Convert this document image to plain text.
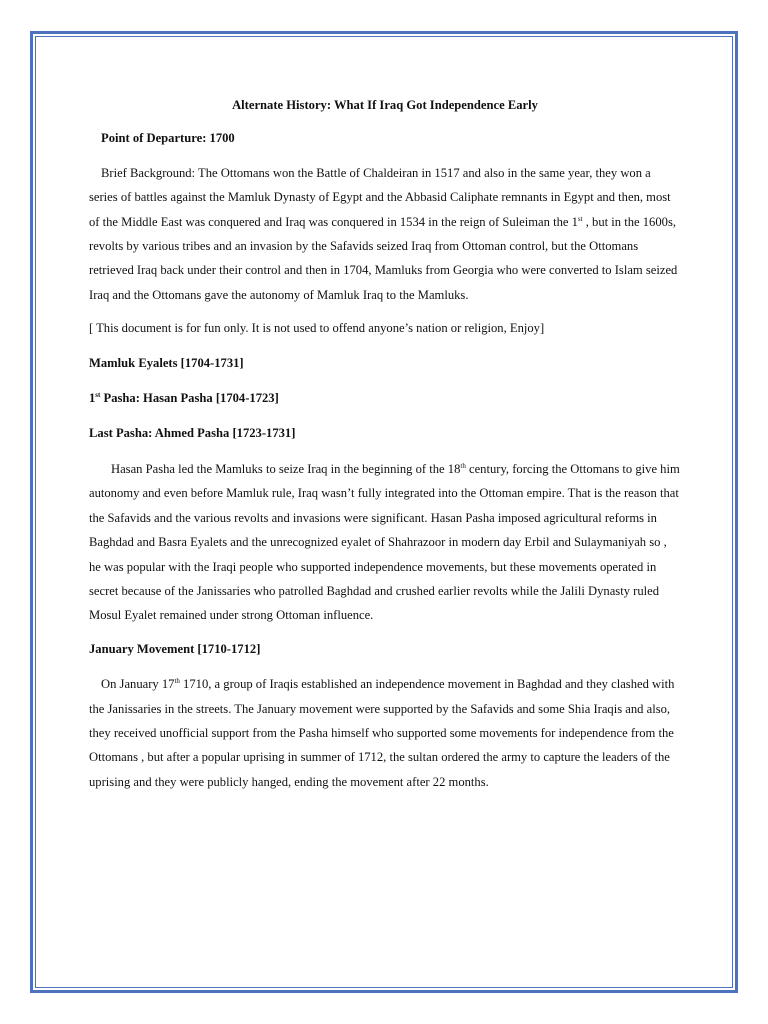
Alternate History: What If Iraq Got Independence Early

Point of Departure: 1700

Brief Background: The Ottomans won the Battle of Chaldeiran in 1517 and also in the same year, they won a series of battles against the Mamluk Dynasty of Egypt and the Abbasid Caliphate remnants in Egypt and then, most of the Middle East was conquered and Iraq was conquered in 1534 in the reign of Suleiman the 1st , but in the 1600s, revolts by various tribes and an invasion by the Safavids seized Iraq from Ottoman control, but the Ottomans retrieved Iraq back under their control and then in 1704, Mamluks from Georgia who were converted to Islam seized Iraq and the Ottomans gave the autonomy of Mamluk Iraq to the Mamluks.

[ This document is for fun only. It is not used to offend anyone’s nation or religion, Enjoy]

Mamluk Eyalets [1704-1731]

1st Pasha: Hasan Pasha [1704-1723]

Last Pasha: Ahmed Pasha [1723-1731]

Hasan Pasha led the Mamluks to seize Iraq in the beginning of the 18th century, forcing the Ottomans to give him autonomy and even before Mamluk rule, Iraq wasn’t fully integrated into the Ottoman empire. That is the reason that the Safavids and the various revolts and invasions were significant. Hasan Pasha imposed agricultural reforms in Baghdad and Basra Eyalets and the unrecognized eyalet of Shahrazoor in modern day Erbil and Sulaymaniyah so , he was popular with the Iraqi people who supported independence movements, but these movements operated in secret because of the Janissaries who patrolled Baghdad and crushed earlier revolts while the Jalili Dynasty ruled Mosul Eyalet remained under strong Ottoman influence.

January Movement [1710-1712]

On January 17th 1710, a group of Iraqis established an independence movement in Baghdad and they clashed with the Janissaries in the streets. The January movement were supported by the Safavids and some Shia Iraqis and also, they received unofficial support from the Pasha himself who supported some movements for independence from the Ottomans , but after a popular uprising in summer of 1712, the sultan ordered the army to capture the leaders of the uprising and they were publicly hanged, ending the movement after 22 months.
